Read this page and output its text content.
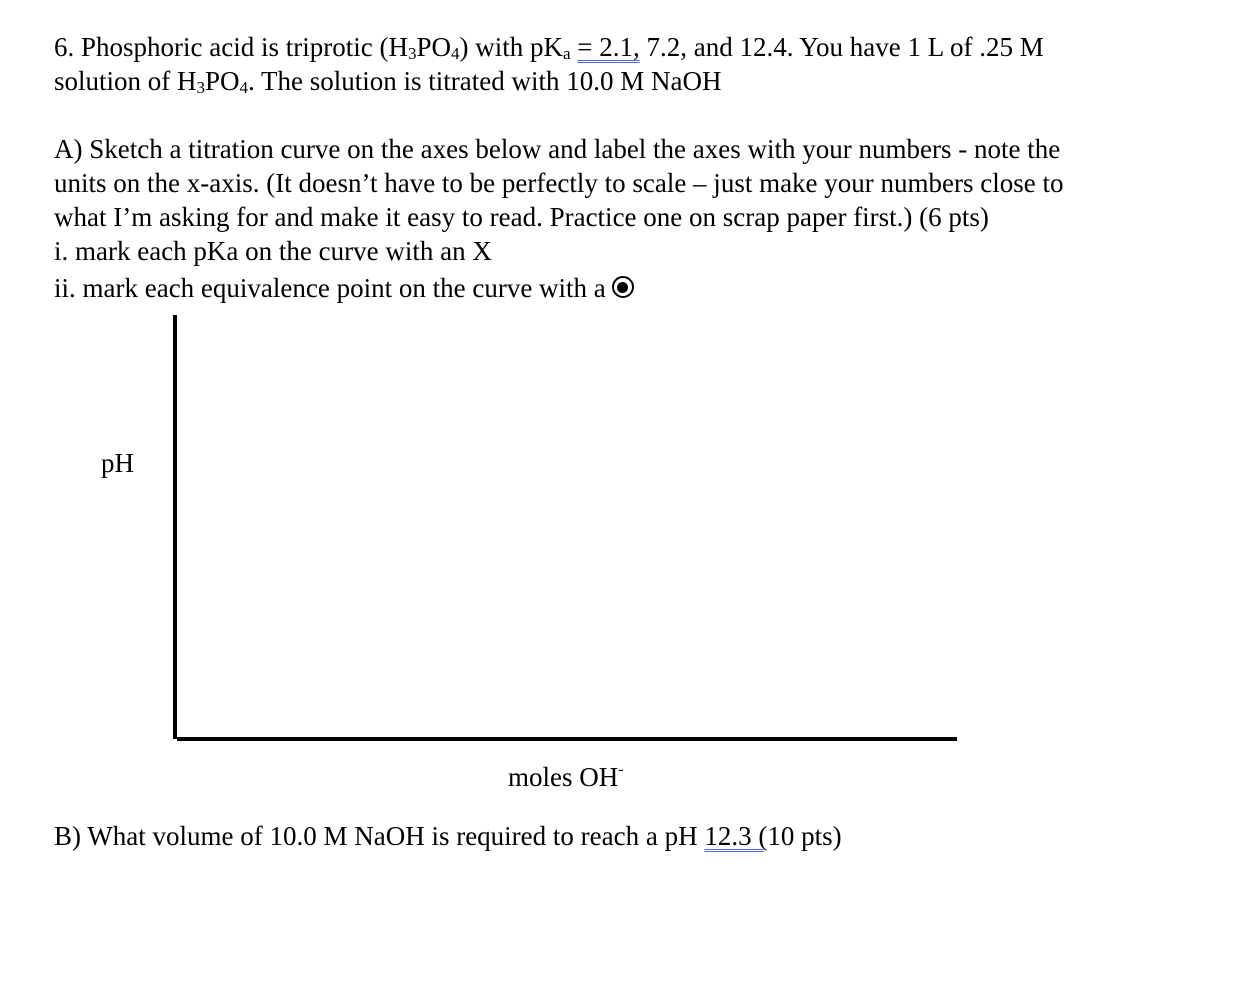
6. Phosphoric acid is triprotic $(H_3PO_4)$ with $pK_a = 2.1$, 7.2, and 12.4. You have 1 L of .25 M
solution of $H_3PO_4$. The solution is titrated with 10.0 M NaOH
A) Sketch a titration curve on the axes below and label the axes with your numbers - note the
units on the x-axis. (It doesn’t have to be perfectly to scale – just make your numbers close to
what I’m asking for and make it easy to read. Practice one on scrap paper first.) (6 pts)
i. mark each pKa on the curve with an X
ii. mark each equivalence point on the curve with a
pH
moles OH-
B) What volume of 10.0 M NaOH is required to reach a pH 12.3 (10 pts)
